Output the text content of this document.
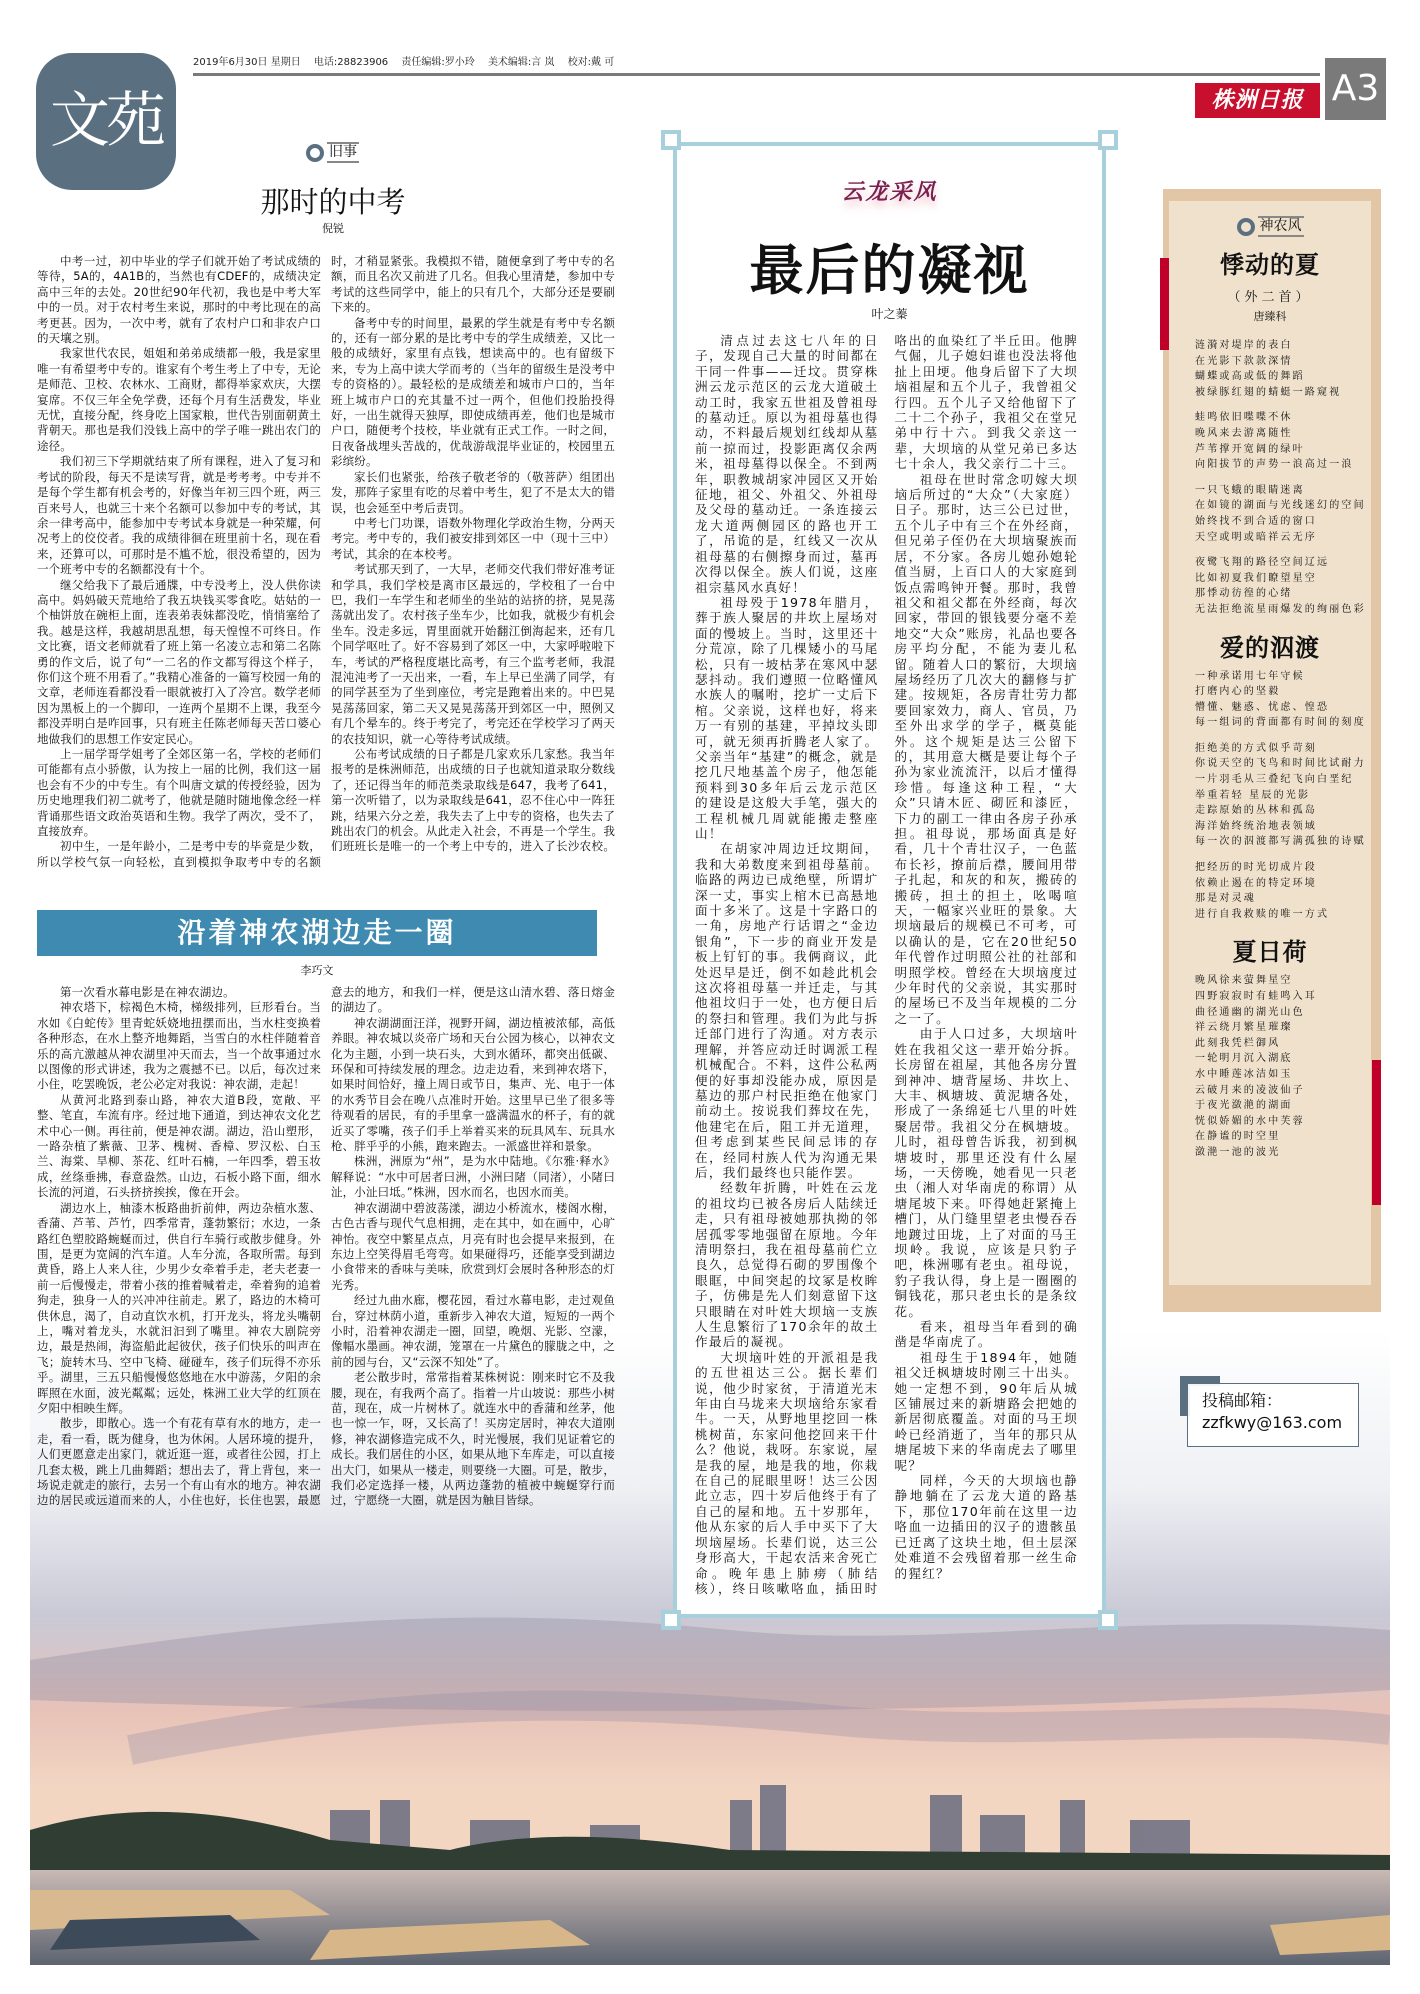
文苑
2019年6月30日 星期日 电话:28823906 责任编辑:罗小玲 美术编辑:言 岚 校对:戴 可
株洲日报 A3
旧事
那时的中考
倪锐

中考一过，初中毕业的学子们就开始了考试成绩的等待，5A的，4A1B的，当然也有CDEF的，成绩决定高中三年的去处。20世纪90年代初，我也是中考大军中的一员。对于农村考生来说，那时的中考比现在的高考更甚。因为，一次中考，就有了农村户口和非农户口的天壤之别。

我家世代农民，姐姐和弟弟成绩都一般，我是家里唯一有希望考中专的。谁家有个考生考上了中专，无论是师范、卫校、农林水、工商财，都得举家欢庆，大摆宴席。不仅三年全免学费，还每个月有生活费发，毕业无忧，直接分配，终身吃上国家粮，世代告别面朝黄土背朝天。那也是我们没钱上高中的学子唯一跳出农门的途径。

我们初三下学期就结束了所有课程，进入了复习和考试的阶段，每天不是读写背，就是考考考。中专并不是每个学生都有机会考的，好像当年初三四个班，两三百来号人，也就三十来个名额可以参加中专的考试，其余一律考高中，能参加中专考试本身就是一种荣耀，何况考上的佼佼者。我的成绩徘徊在班里前十名，现在看来，还算可以，可那时是不尴不尬，很没希望的，因为一个班考中专的名额都没有十个。

继父给我下了最后通牒，中专没考上，没人供你读高中。妈妈破天荒地给了我五块钱买零食吃。姑姑的一个柚饼放在碗柜上面，连表弟表妹都没吃，悄悄塞给了我。越是这样，我越胡思乱想，每天惶惶不可终日。作文比赛，语文老师就看了班上第一名凌立志和第二名陈勇的作文后，说了句“一二名的作文都写得这个样子，你们这个班不用看了。”我精心准备的一篇写校园一角的文章，老师连看都没看一眼就被打入了冷宫。数学老师因为黑板上的一个脚印，一连两个星期不上课，我至今都没弄明白是咋回事，只有班主任陈老师每天苦口婆心地做我们的思想工作安定民心。

上一届学哥学姐考了全郊区第一名，学校的老师们可能都有点小骄傲，认为按上一届的比例，我们这一届也会有不少的中专生。有个叫唐文斌的传授经验，因为历史地理我们初二就考了，他就是随时随地像念经一样背诵那些语文政治英语和生物。我学了两次，受不了，直接放弃。

初中生，一是年龄小，二是考中专的毕竟是少数，所以学校气氛一向轻松，直到模拟争取考中专的名额时，才稍显紧张。我模拟不错，随便拿到了考中专的名额，而且名次又前进了几名。但我心里清楚，参加中专考试的这些同学中，能上的只有几个，大部分还是要刷下来的。

备考中专的时间里，最累的学生就是有考中专名额的，还有一部分累的是比考中专的学生成绩差，又比一般的成绩好，家里有点钱，想读高中的。也有留级下来，专为上高中读大学而考的（当年的留级生是没考中专的资格的）。最轻松的是成绩差和城市户口的，当年班上城市户口的充其量不过一两个，但他们投胎投得好，一出生就得天独厚，即使成绩再差，他们也是城市户口，随便考个技校，毕业就有正式工作。一时之间，日夜备战埋头苦战的，优哉游哉混毕业证的，校园里五彩缤纷。

家长们也紧张，给孩子敬老爷的（敬菩萨）组团出发，那阵子家里有吃的尽着中考生，犯了不是太大的错误，也会延至中考后责罚。

中考七门功课，语数外物理化学政治生物，分两天考完。考中专的，我们被安排到郊区一中（现十三中）考试，其余的在本校考。

考试那天到了，一大早，老师交代我们带好准考证和学具，我们学校是离市区最远的，学校租了一台中巴，我们一车学生和老师坐的坐站的站挤的挤，晃晃荡荡就出发了。农村孩子坐车少，比如我，就极少有机会坐车。没走多远，胃里面就开始翻江倒海起来，还有几个同学呕吐了。好不容易到了郊区一中，大家呼啦啦下车，考试的严格程度堪比高考，有三个监考老师，我混混沌沌考了一天出来，一看，车上早已坐满了同学，有的同学甚至为了坐到座位，考完是跑着出来的。中巴晃晃荡荡回家，第二天又晃晃荡荡开到郊区一中，照例又有几个晕车的。终于考完了，考完还在学校学习了两天的农技知识，就一心等待考试成绩。

公布考试成绩的日子都是几家欢乐几家愁。我当年报考的是株洲师范，出成绩的日子也就知道录取分数线了，还记得当年的师范类录取线是647，我考了641，第一次听错了，以为录取线是641，忍不住心中一阵狂跳，结果六分之差，我失去了上中专的资格，也失去了跳出农门的机会。从此走入社会，不再是一个学生。我们班班长是唯一的一个考上中专的，进入了长沙农校。

沿着神农湖边走一圈
李巧文

第一次看水幕电影是在神农湖边。

神农塔下，棕褐色木椅，梯级排列，巨形看台。当水如《白蛇传》里青蛇妖娆地扭摆而出，当水柱变换着各种形态，在水上整齐地舞蹈，当雪白的水柱伴随着音乐的高亢激越从神农湖里冲天而去，当一个故事通过水以图像的形式讲述，我为之震撼不已。以后，每次过来小住，吃罢晚饭，老公必定对我说：神农湖，走起！

从黄河北路到泰山路，神农大道B段，宽敞、平整、笔直，车流有序。经过地下通道，到达神农文化艺术中心一侧。再往前，便是神农湖。湖边，沿山塑形，一路杂植了紫薇、卫茅、槐树、香樟、罗汉松、白玉兰、海棠、旱柳、茶花、红叶石楠，一年四季，碧玉妆成，丝绦垂拂，春意盎然。山边，石板小路下面，细水长流的河道，石头挤挤挨挨，像在开会。

湖边水上，柚漆木板路曲折前伸，两边杂植水葱、香蒲、芦苇、芦竹，四季常青，蓬勃繁衍；水边，一条路红色塑胶路蜿蜒而过，供自行车骑行或散步健身。外围，是更为宽阔的汽车道。人车分流，各取所需。每到黄昏，路上人来人往，少男少女牵着手走，老夫老妻一前一后慢慢走，带着小孩的推着喊着走，牵着狗的追着狗走，独身一人的兴冲冲往前走。累了，路边的木椅可供休息，渴了，自动直饮水机，打开龙头，将龙头嘴朝上，嘴对着龙头，水就汩汩到了嘴里。神农大剧院旁边，最是热闹，海盗船此起彼伏，孩子们快乐的叫声在飞；旋转木马、空中飞椅、碰碰车，孩子们玩得不亦乐乎。湖里，三五只船慢慢悠悠地在水中游荡，夕阳的余晖照在水面，波光粼粼；远处，株洲工业大学的红顶在夕阳中相映生辉。

散步，即散心。选一个有花有草有水的地方，走一走，看一看，既为健身，也为休闲。人居环境的提升，人们更愿意走出家门，就近逛一逛，或者往公园，打上几套太极，跳上几曲舞蹈；想出去了，背上背包，来一场说走就走的旅行，去另一个有山有水的地方。神农湖边的居民或远道而来的人，小住也好，长住也罢，最愿意去的地方，和我们一样，便是这山清水碧、落日熔金的湖边了。

神农湖湖面汪洋，视野开阔，湖边植被浓郁，高低养眼。神农城以炎帝广场和天台公园为核心，以神农文化为主题，小到一块石头，大到水循环，都突出低碳、环保和可持续发展的理念。边走边看，来到神农塔下，如果时间恰好，撞上周日或节日，集声、光、电于一体的水秀节目会在晚八点准时开始。这里早已坐了很多等待观看的居民，有的手里拿一盛满温水的杯子，有的就近买了零嘴，孩子们手上举着买来的玩具风车、玩具水枪、胖乎乎的小熊，跑来跑去。一派盛世祥和景象。

株洲，洲原为“州”，是为水中陆地。《尔雅·释水》解释说：“水中可居者曰洲，小洲曰陼（同渚），小陼曰沚，小沚曰坻。”株洲，因水而名，也因水而美。

神农湖湖中碧波荡漾，湖边小桥流水，楼阁水榭，古色古香与现代气息相拥，走在其中，如在画中，心旷神怡。夜空中繁星点点，月亮有时也会提早来报到，在东边上空笑得眉毛弯弯。如果碰得巧，还能享受到湖边小食带来的香味与美味，欣赏到灯会展时各种形态的灯光秀。

经过九曲水廊，樱花园，看过水幕电影，走过观鱼台，穿过林荫小道，重新步入神农大道，短短的一两个小时，沿着神农湖走一圈，回望，晚烟、光影、空濛，像幅水墨画。神农湖，笼罩在一片黛色的朦胧之中，之前的园与台，又“云深不知处”了。

老公散步时，常常指着某株树说：刚来时它不及我腰，现在，有我两个高了。指着一片山坡说：那些小树苗，现在，成一片树林了。就连水中的香蒲和丝茅，他也一惊一乍，呀，又长高了！买房定居时，神农大道刚修，神农湖修造完成不久，时光慢展，我们见证着它的成长。我们居住的小区，如果从地下车库走，可以直接出大门，如果从一楼走，则要绕一大圈。可是，散步，我们必定选择一楼，从两边蓬勃的植被中蜿蜒穿行而过，宁愿绕一大圈，就是因为触目皆绿。

云龙采风
最后的凝视
叶之蓁

清点过去这七八年的日子，发现自己大量的时间都在干同一件事——迁坟。贯穿株洲云龙示范区的云龙大道破土动工时，我家五世祖及曾祖母的墓动迁。原以为祖母墓也得动，不料最后规划红线却从墓前一掠而过，投影距离仅余两米，祖母墓得以保全。不到两年，职教城胡家冲园区又开始征地，祖父、外祖父、外祖母及父母的墓动迁。一条连接云龙大道两侧园区的路也开工了，吊诡的是，红线又一次从祖母墓的右侧擦身而过，墓再次得以保全。族人们说，这座祖宗墓风水真好！

祖母殁于1978年腊月，葬于族人聚居的井坎上屋场对面的慢坡上。当时，这里还十分荒凉，除了几棵矮小的马尾松，只有一坡枯茅在寒风中瑟瑟抖动。我们遵照一位略懂风水族人的嘱咐，挖圹一丈后下棺。父亲说，这样也好，将来万一有别的基建，平掉坟头即可，就无须再折腾老人家了。父亲当年“基建”的概念，就是挖几尺地基盖个房子，他怎能预料到30多年后云龙示范区的建设是这般大手笔，强大的工程机械几周就能搬走整座山！

在胡家冲周边迁坟期间，我和大弟数度来到祖母墓前。临路的两边已成绝壁，所谓圹深一丈，事实上棺木已高悬地面十多米了。这是十字路口的一角，房地产行话谓之“金边银角”，下一步的商业开发是板上钉钉的事。我俩商议，此处迟早是迁，倒不如趁此机会这次将祖母墓一并迁走，与其他祖坟归于一处，也方便日后的祭扫和管理。我们为此与拆迁部门进行了沟通。对方表示理解，并答应动迁时调派工程机械配合。不料，这件公私两便的好事却没能办成，原因是墓边的那户村民拒绝在他家门前动土。按说我们葬坟在先，他建宅在后，阻工并无道理，但考虑到某些民间忌讳的存在，经同村族人代为沟通无果后，我们最终也只能作罢。

经数年折腾，叶姓在云龙的祖坟均已被各房后人陆续迁走，只有祖母被她那执拗的邻居孤零零地强留在原地。今年清明祭扫，我在祖母墓前伫立良久，总觉得石砌的罗围像个眼眶，中间突起的坟冢是枚眸子，仿佛是先人们刻意留下这只眼睛在对叶姓大坝垴一支族人生息繁衍了170余年的故土作最后的凝视。

大坝垴叶姓的开派祖是我的五世祖达三公。据长辈们说，他少时家贫，于清道光末年由白马垅来大坝垴给东家看牛。一天，从野地里挖回一株桃树苗，东家问他挖回来干什么？他说，栽呀。东家说，屋是我的屋，地是我的地，你栽在自己的屁眼里呀！达三公因此立志，四十岁后他终于有了自己的屋和地。五十岁那年，他从东家的后人手中买下了大坝垴屋场。长辈们说，达三公身形高大，干起农活来舍死亡命。晚年患上肺痨（肺结核），终日咳嗽咯血，插田时咯出的血染红了半丘田。他脾气倔，儿子媳妇谁也没法将他扯上田埂。他身后留下了大坝垴祖屋和五个儿子，我曾祖父行四。五个儿子又给他留下了二十二个孙子，我祖父在堂兄弟中行十六。到我父亲这一辈，大坝垴的从堂兄弟已多达七十余人，我父亲行二十三。

祖母在世时常念叨嫁大坝垴后所过的“大众”（大家庭）日子。那时，达三公已过世，五个儿子中有三个在外经商，但兄弟子侄仍在大坝垴聚族而居，不分家。各房儿媳孙媳轮值当厨，上百口人的大家庭到饭点需鸣钟开餐。那时，我曾祖父和祖父都在外经商，每次回家，带回的银钱要分毫不差地交“大众”账房，礼品也要各房平均分配，不能为妻儿私留。随着人口的繁衍，大坝垴屋场经历了几次大的翻修与扩建。按规矩，各房青壮劳力都要回家效力，商人、官员，乃至外出求学的学子，概莫能外。这个规矩是达三公留下的，其用意大概是要让每个子孙为家业流流汗，以后才懂得珍惜。每逢这种工程，“大众”只请木匠、砌匠和漆匠，下力的副工一律由各房子孙承担。祖母说，那场面真是好看，几十个青壮汉子，一色蓝布长衫，撩前后襟，腰间用带子扎起，和灰的和灰，搬砖的搬砖，担土的担土，吆喝喧天，一幅家兴业旺的景象。大坝垴最后的规模已不可考，可以确认的是，它在20世纪50年代曾作过明照公社的社部和明照学校。曾经在大坝垴度过少年时代的父亲说，其实那时的屋场已不及当年规模的二分之一了。

由于人口过多，大坝垴叶姓在我祖父这一辈开始分拆。长房留在祖屋，其他各房分置到神冲、塘背屋场、井坎上、大丰、枫塘坡、黄泥塘各处，形成了一条绵延七八里的叶姓聚居带。我祖父分在枫塘坡。儿时，祖母曾告诉我，初到枫塘坡时，那里还没有什么屋场，一天傍晚，她看见一只老虫（湘人对华南虎的称谓）从塘尾坡下来。吓得她赶紧掩上槽门，从门缝里望老虫慢吞吞地踱过田垅，上了对面的马王坝岭。我说，应该是只豹子吧，株洲哪有老虫。祖母说，豹子我认得，身上是一圈圈的铜钱花，那只老虫长的是条纹花。

看来，祖母当年看到的确凿是华南虎了。

祖母生于1894年，她随祖父迁枫塘坡时刚三十出头。她一定想不到，90年后从城区铺展过来的新塘路会把她的新居彻底覆盖。对面的马王坝岭已经消逝了，当年的那只从塘尾坡下来的华南虎去了哪里呢？

同样，今天的大坝垴也静静地躺在了云龙大道的路基下，那位170年前在这里一边咯血一边插田的汉子的遗骸虽已迁离了这块土地，但土层深处难道不会残留着那一丝生命的猩红？

神农风
悸动的夏
（外二首）
唐臻科
涟漪对堤岸的表白
在光影下款款深情
蝴蝶或高或低的舞蹈
被绿豚红翅的蜻蜓一路窥视
蛙鸣依旧喋喋不休
晚风来去游离随性
芦苇撑开宽阔的绿叶
向阳拔节的声势一浪高过一浪
一只飞蛾的眼睛迷离
在如镜的湖面与光线迷幻的空间
始终找不到合适的窗口
天空或明或暗祥云无序
夜鹭飞翔的路径空间辽远
比如初夏我们瞭望星空
那悸动彷徨的心绪
无法拒绝流星雨爆发的绚丽色彩
爱的泅渡
一种承诺用七年守候
打磨内心的坚毅
懵懂、魅惑、忧虑、惶恐
每一组词的背面都有时间的刻度
拒绝美的方式似乎苛刻
你说天空的飞鸟和时间比试耐力
一片羽毛从三叠纪飞向白垩纪
举重若轻 星辰的光影
走踪原始的丛林和孤岛
海洋始终统治地表领域
每一次的泅渡都写满孤独的诗赋
把经历的时光切成片段
依赖止遏在的特定环境
那是对灵魂
进行自我救赎的唯一方式
夏日荷
晚风徐来萤舞星空
四野寂寂时有蛙鸣入耳
曲径通幽的湖光山色
祥云绕月繁星璀璨
此刻我凭栏御风
一轮明月沉入湖底
水中睡莲冰洁如玉
云破月来的凌波仙子
于夜光潋滟的湖面
恍似娇媚的水中芙蓉
在静谧的时空里
潋滟一池的波光
投稿邮箱：
zzfkwy@163.com
